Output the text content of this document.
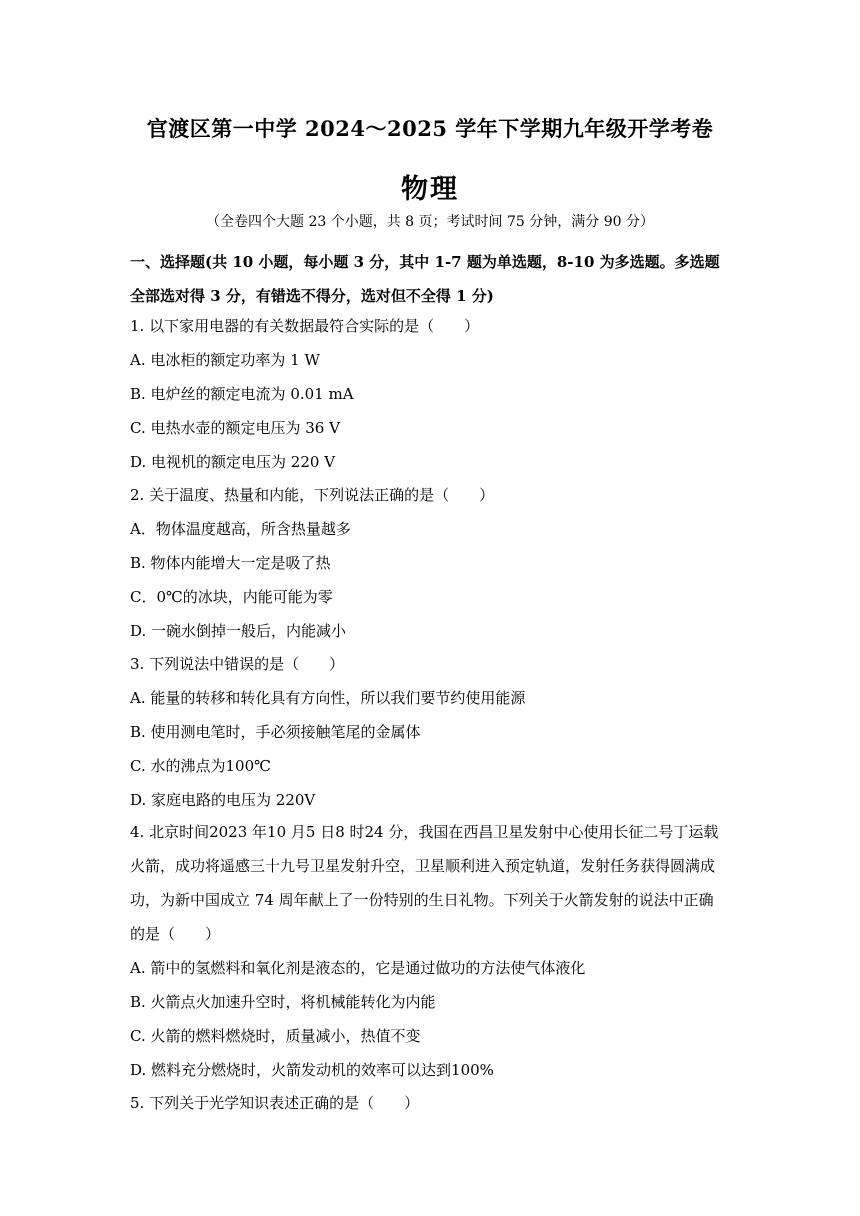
官渡区第一中学 2024～2025 学年下学期九年级开学考卷
物理
（全卷四个大题 23 个小题，共 8 页；考试时间 75 分钟，满分 90 分）
一、选择题(共 10 小题，每小题 3 分，其中 1-7 题为单选题，8-10 为多选题。多选题
全部选对得 3 分，有错选不得分，选对但不全得 1 分)
1. 以下家用电器的有关数据最符合实际的是（　　）
A. 电冰柜的额定功率为 1 W
B. 电炉丝的额定电流为 0.01 mA
C. 电热水壶的额定电压为 36 V
D. 电视机的额定电压为 220 V
2. 关于温度、热量和内能，下列说法正确的是（　　）
A．物体温度越高，所含热量越多
B. 物体内能增大一定是吸了热
C．0℃的冰块，内能可能为零
D. 一碗水倒掉一般后，内能减小
3. 下列说法中错误的是（　　）
A. 能量的转移和转化具有方向性，所以我们要节约使用能源
B. 使用测电笔时，手必须接触笔尾的金属体
C. 水的沸点为100℃
D. 家庭电路的电压为 220V
4. 北京时间2023 年10 月5 日8 时24 分，我国在西昌卫星发射中心使用长征二号丁运载
火箭，成功将遥感三十九号卫星发射升空，卫星顺利进入预定轨道，发射任务获得圆满成
功，为新中国成立 74 周年献上了一份特别的生日礼物。下列关于火箭发射的说法中正确
的是（　　）
A. 箭中的氢燃料和氧化剂是液态的，它是通过做功的方法使气体液化
B. 火箭点火加速升空时，将机械能转化为内能
C. 火箭的燃料燃烧时，质量减小，热值不变
D. 燃料充分燃烧时，火箭发动机的效率可以达到100%
5. 下列关于光学知识表述正确的是（　　）
